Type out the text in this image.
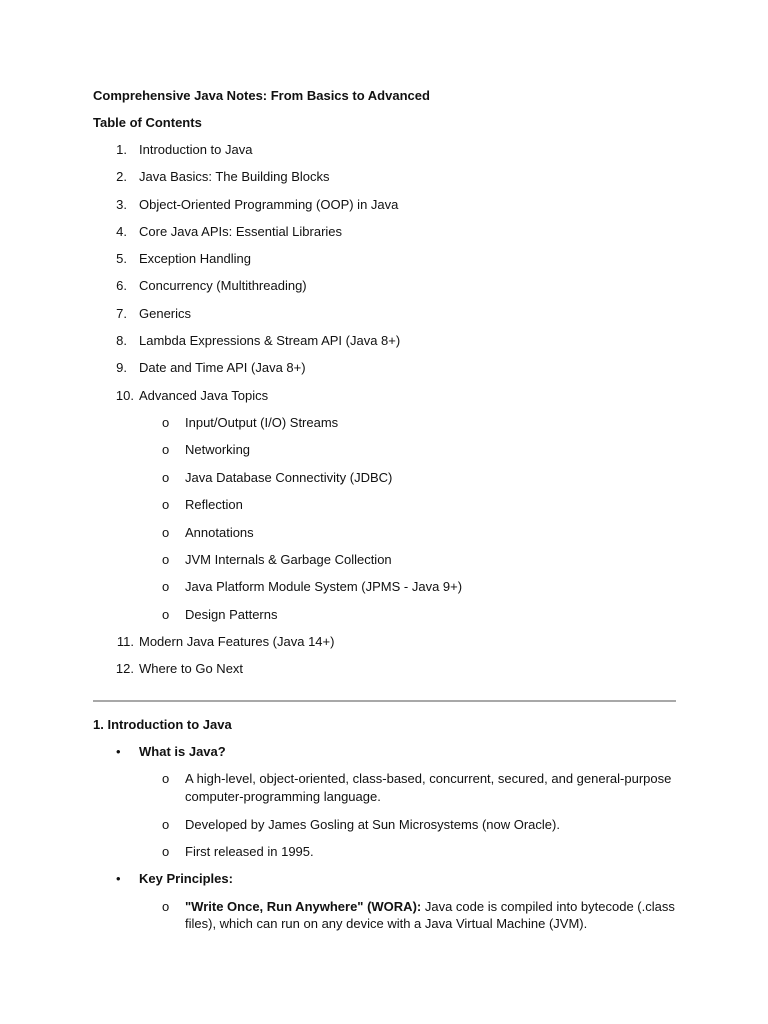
Comprehensive Java Notes: From Basics to Advanced
Table of Contents
1. Introduction to Java
2. Java Basics: The Building Blocks
3. Object-Oriented Programming (OOP) in Java
4. Core Java APIs: Essential Libraries
5. Exception Handling
6. Concurrency (Multithreading)
7. Generics
8. Lambda Expressions & Stream API (Java 8+)
9. Date and Time API (Java 8+)
10. Advanced Java Topics
o Input/Output (I/O) Streams
o Networking
o Java Database Connectivity (JDBC)
o Reflection
o Annotations
o JVM Internals & Garbage Collection
o Java Platform Module System (JPMS - Java 9+)
o Design Patterns
11. Modern Java Features (Java 14+)
12. Where to Go Next
1. Introduction to Java
• What is Java?
o A high-level, object-oriented, class-based, concurrent, secured, and general-purpose
computer-programming language.
o Developed by James Gosling at Sun Microsystems (now Oracle).
o First released in 1995.
• Key Principles:
o "Write Once, Run Anywhere" (WORA): Java code is compiled into bytecode (.class
files), which can run on any device with a Java Virtual Machine (JVM).
